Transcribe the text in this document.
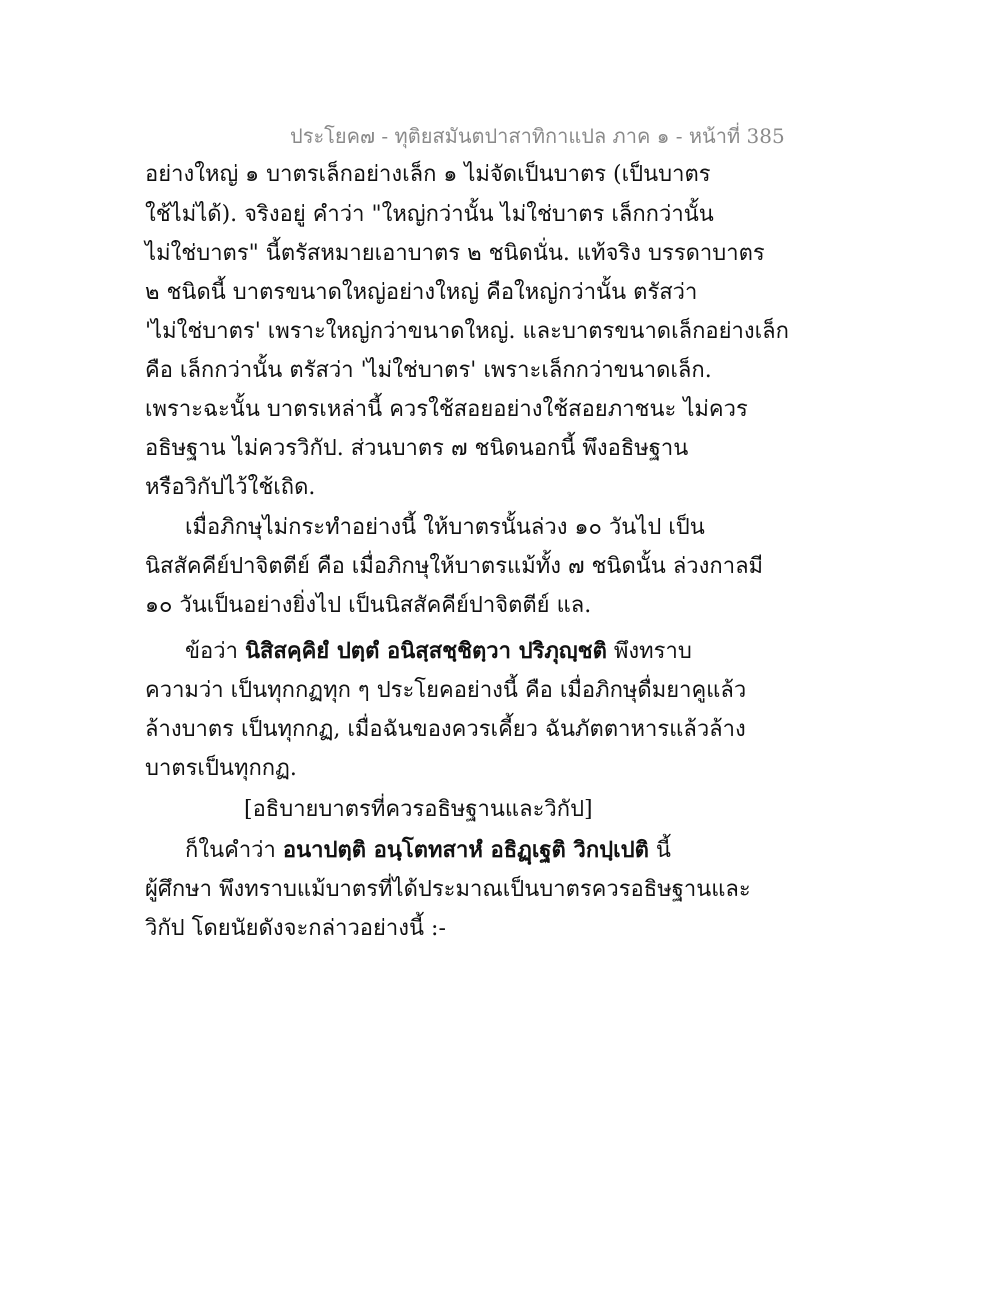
ประโยค๗ - ทุติยสมันตปาสาทิกาแปล ภาค ๑ - หน้าที่ 385
อย่างใหญ่ ๑ บาตรเล็กอย่างเล็ก ๑ ไม่จัดเป็นบาตร (เป็นบาตร
ใช้ไม่ได้). จริงอยู่ คำว่า "ใหญ่กว่านั้น ไม่ใช่บาตร เล็กกว่านั้น
ไม่ใช่บาตร" นี้ตรัสหมายเอาบาตร ๒ ชนิดนั่น. แท้จริง บรรดาบาตร
๒ ชนิดนี้ บาตรขนาดใหญ่อย่างใหญ่ คือใหญ่กว่านั้น ตรัสว่า
'ไม่ใช่บาตร' เพราะใหญ่กว่าขนาดใหญ่. และบาตรขนาดเล็กอย่างเล็ก
คือ เล็กกว่านั้น ตรัสว่า 'ไม่ใช่บาตร' เพราะเล็กกว่าขนาดเล็ก.
เพราะฉะนั้น บาตรเหล่านี้ ควรใช้สอยอย่างใช้สอยภาชนะ ไม่ควร
อธิษฐาน ไม่ควรวิกัป. ส่วนบาตร ๗ ชนิดนอกนี้ พึงอธิษฐาน
หรือวิกัปไว้ใช้เถิด.
เมื่อภิกษุไม่กระทำอย่างนี้ ให้บาตรนั้นล่วง ๑๐ วันไป เป็น
นิสสัคคีย์ปาจิตตีย์ คือ เมื่อภิกษุให้บาตรแม้ทั้ง ๗ ชนิดนั้น ล่วงกาลมี
๑๐ วันเป็นอย่างยิ่งไป เป็นนิสสัคคีย์ปาจิตตีย์ แล.
ข้อว่า นิสิสคฺคิยํ ปตฺตํ อนิสฺสชฺชิตฺวา ปริภุญฺชติ พึงทราบ
ความว่า เป็นทุกกฏทุก ๆ ประโยคอย่างนี้ คือ เมื่อภิกษุดื่มยาคูแล้ว
ล้างบาตร เป็นทุกกฏ, เมื่อฉันของควรเคี้ยว ฉันภัตตาหารแล้วล้าง
บาตรเป็นทุกกฏ.
[อธิบายบาตรที่ควรอธิษฐานและวิกัป]
ก็ในคำว่า อนาปตฺติ อนฺโตทสาหํ อธิฏฺเฐติ วิกปฺเปติ นี้
ผู้ศึกษา พึงทราบแม้บาตรที่ได้ประมาณเป็นบาตรควรอธิษฐานและ
วิกัป โดยนัยดังจะกล่าวอย่างนี้ :-
